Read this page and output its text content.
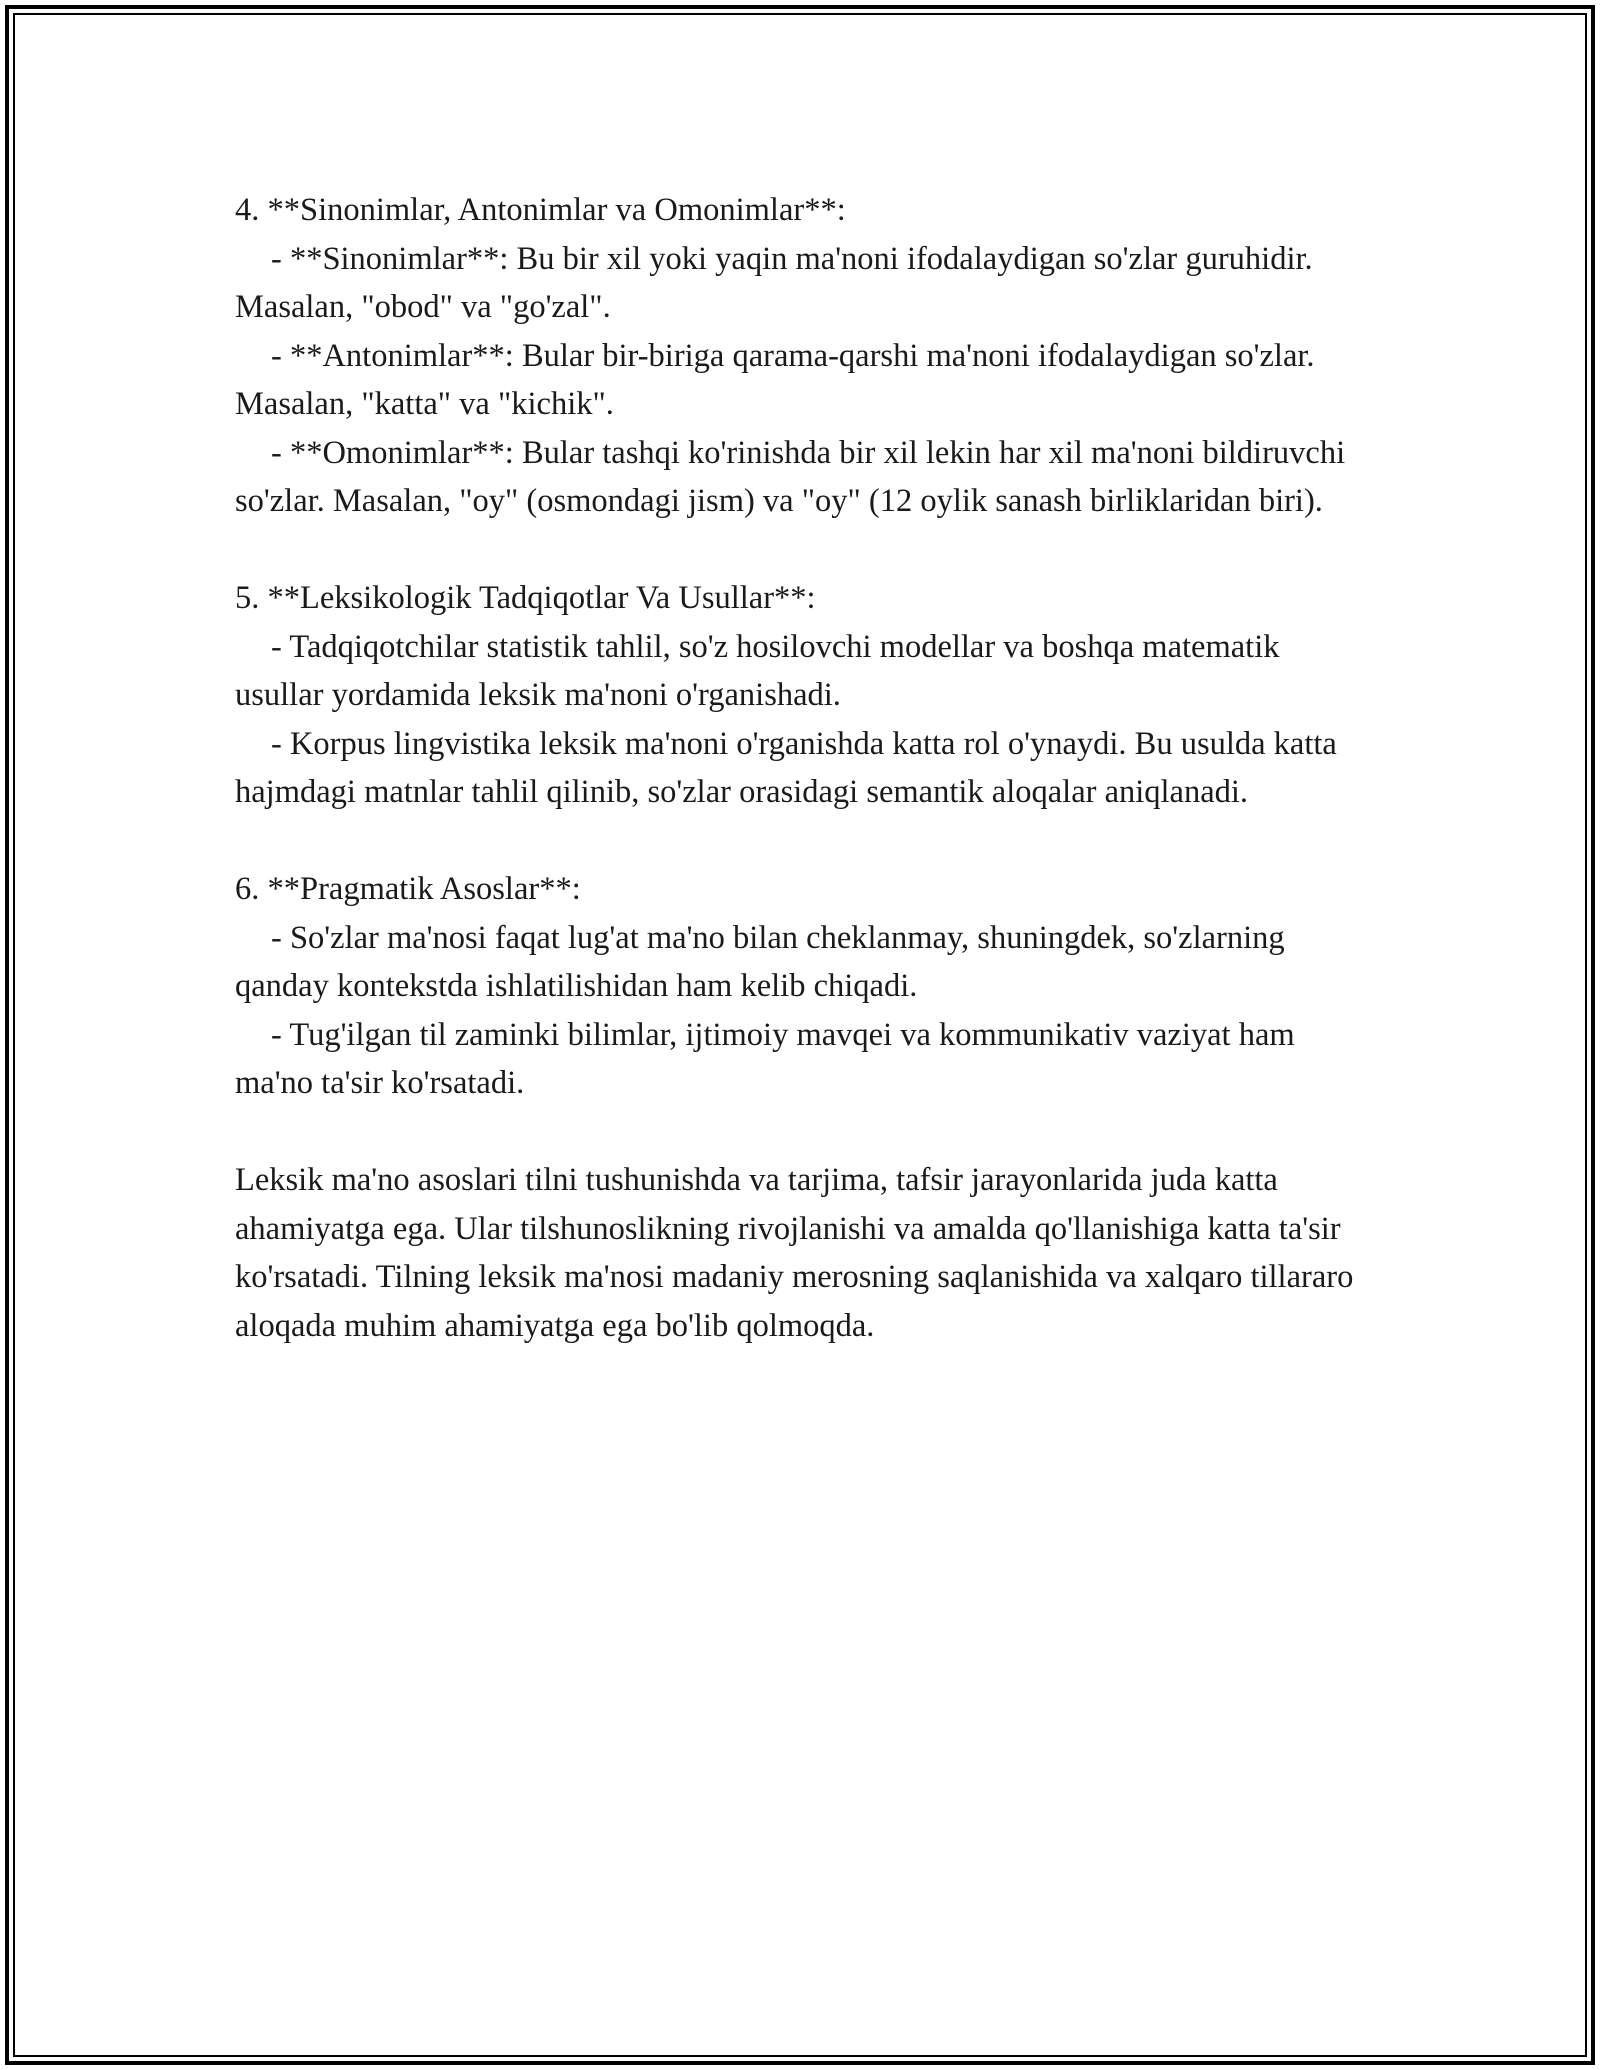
4. **Sinonimlar, Antonimlar va Omonimlar**:

- **Sinonimlar**: Bu bir xil yoki yaqin ma'noni ifodalaydigan so'zlar guruhidir. Masalan, "obod" va "go'zal".

- **Antonimlar**: Bular bir-biriga qarama-qarshi ma'noni ifodalaydigan so'zlar. Masalan, "katta" va "kichik".

- **Omonimlar**: Bular tashqi ko'rinishda bir xil lekin har xil ma'noni bildiruvchi so'zlar. Masalan, "oy" (osmondagi jism) va "oy" (12 oylik sanash birliklaridan biri).

5. **Leksikologik Tadqiqotlar Va Usullar**:

- Tadqiqotchilar statistik tahlil, so'z hosilovchi modellar va boshqa matematik usullar yordamida leksik ma'noni o'rganishadi.

- Korpus lingvistika leksik ma'noni o'rganishda katta rol o'ynaydi. Bu usulda katta hajmdagi matnlar tahlil qilinib, so'zlar orasidagi semantik aloqalar aniqlanadi.

6. **Pragmatik Asoslar**:

- So'zlar ma'nosi faqat lug'at ma'no bilan cheklanmay, shuningdek, so'zlarning qanday kontekstda ishlatilishidan ham kelib chiqadi.

- Tug'ilgan til zaminki bilimlar, ijtimoiy mavqei va kommunikativ vaziyat ham ma'no ta'sir ko'rsatadi.

Leksik ma'no asoslari tilni tushunishda va tarjima, tafsir jarayonlarida juda katta ahamiyatga ega. Ular tilshunoslikning rivojlanishi va amalda qo'llanishiga katta ta'sir ko'rsatadi. Tilning leksik ma'nosi madaniy merosning saqlanishida va xalqaro tillararo aloqada muhim ahamiyatga ega bo'lib qolmoqda.
